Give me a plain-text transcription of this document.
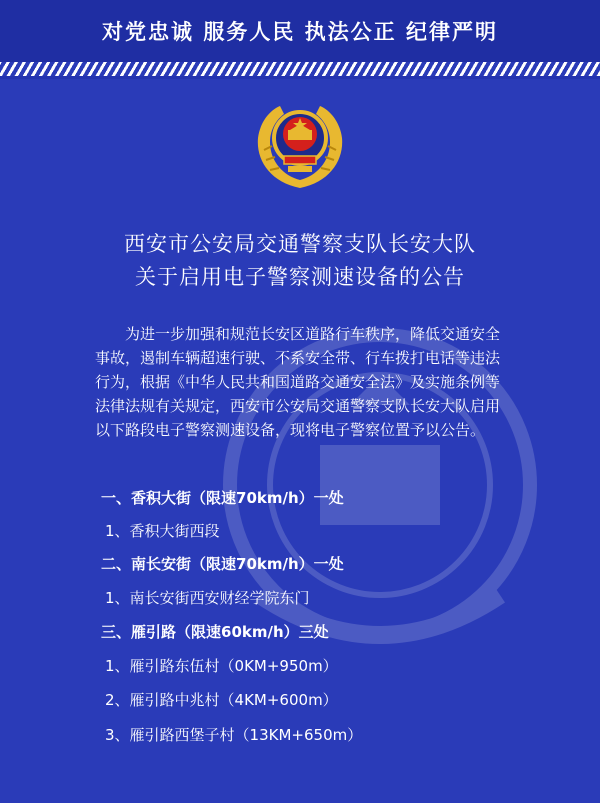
对党忠诚 服务人民 执法公正 纪律严明
西安市公安局交通警察支队长安大队
关于启用电子警察测速设备的公告
为进一步加强和规范长安区道路行车秩序，降低交通安全事故，遏制车辆超速行驶、不系安全带、行车拨打电话等违法行为，根据《中华人民共和国道路交通安全法》及实施条例等法律法规有关规定，西安市公安局交通警察支队长安大队启用以下路段电子警察测速设备，现将电子警察位置予以公告。
一、香积大街（限速70km/h）一处
1、香积大街西段
二、南长安街（限速70km/h）一处
1、南长安街西安财经学院东门
三、雁引路（限速60km/h）三处
1、雁引路东伍村（0KM+950m）
2、雁引路中兆村（4KM+600m）
3、雁引路西堡子村（13KM+650m）
